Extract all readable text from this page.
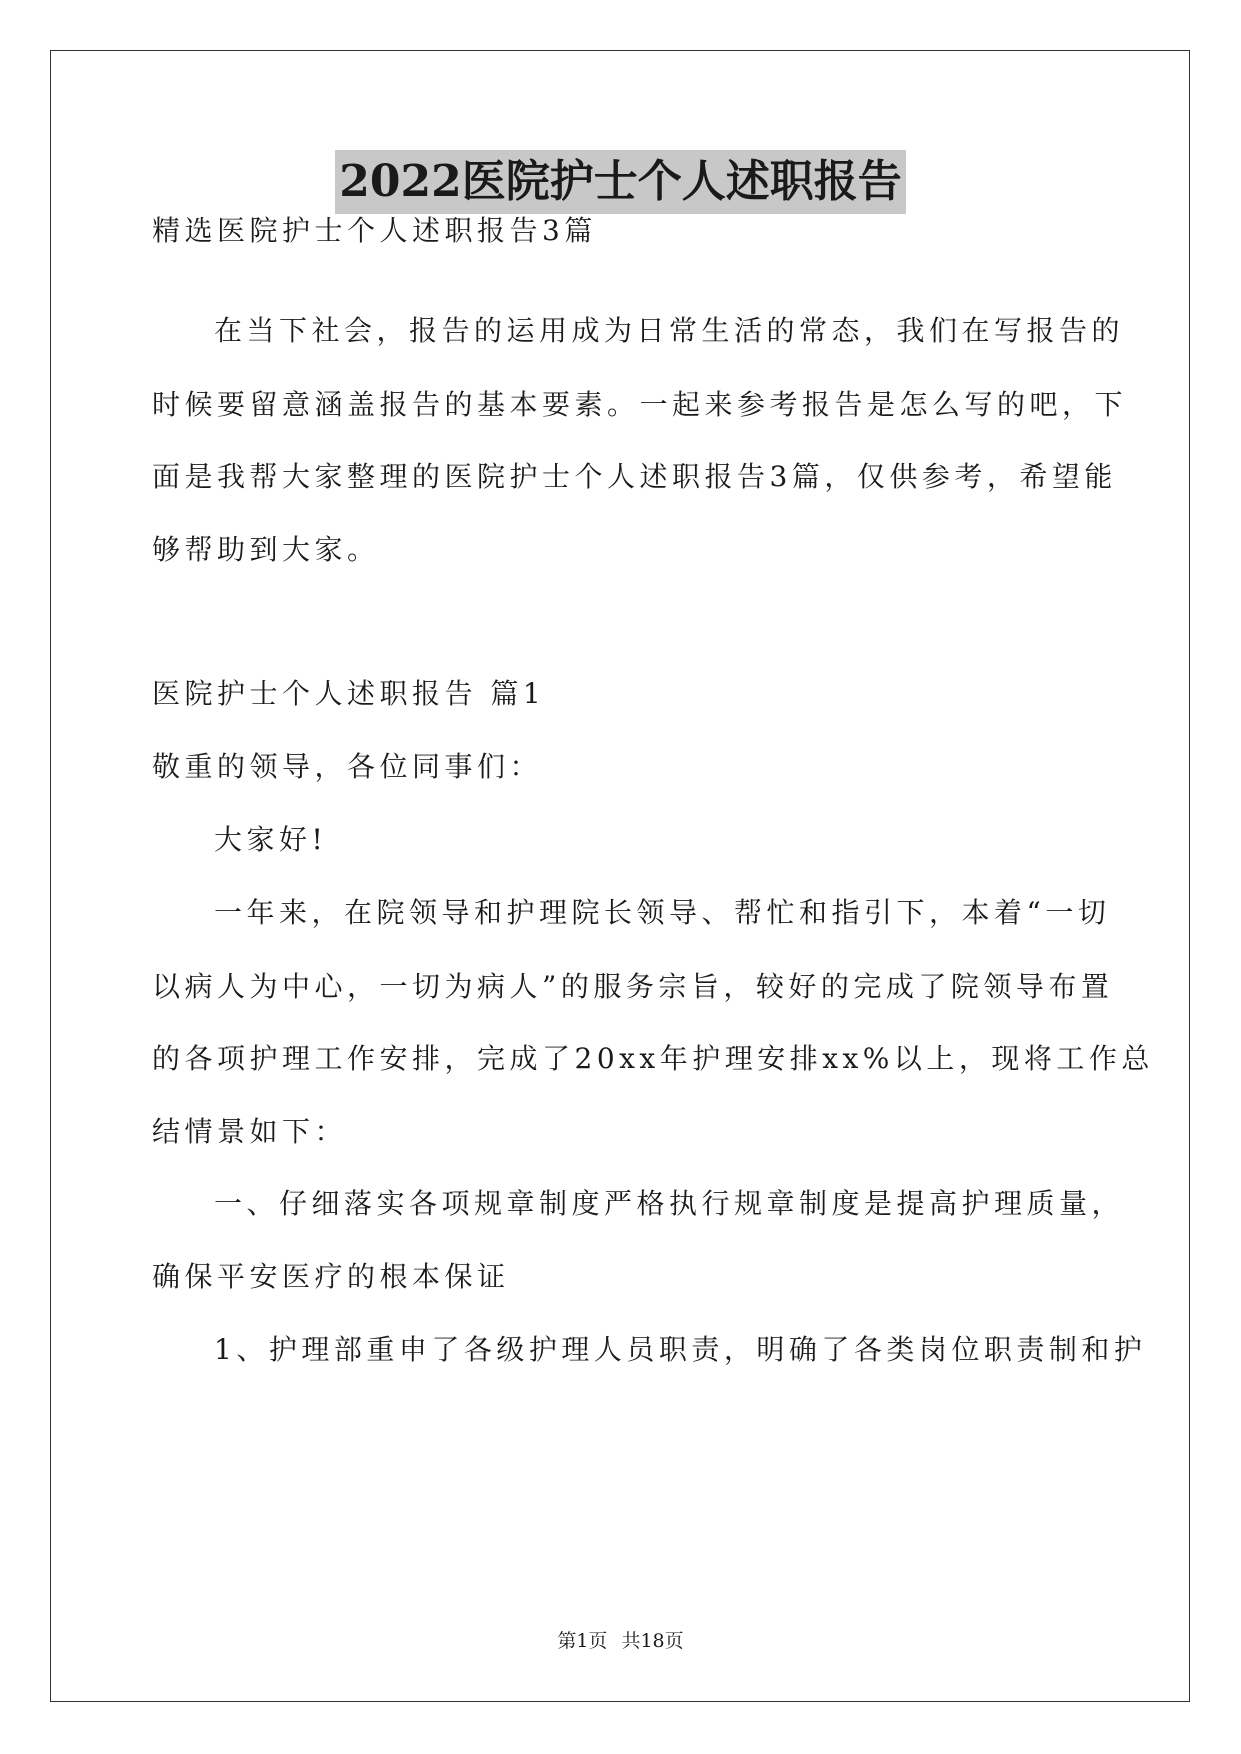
2022医院护士个人述职报告
精选医院护士个人述职报告3篇
在当下社会，报告的运用成为日常生活的常态，我们在写报告的
时候要留意涵盖报告的基本要素。一起来参考报告是怎么写的吧，下
面是我帮大家整理的医院护士个人述职报告3篇，仅供参考，希望能
够帮助到大家。
医院护士个人述职报告 篇1
敬重的领导，各位同事们：
大家好!
一年来，在院领导和护理院长领导、帮忙和指引下，本着“一切
以病人为中心，一切为病人”的服务宗旨，较好的完成了院领导布置
的各项护理工作安排，完成了20xx年护理安排xx%以上，现将工作总
结情景如下：
一、仔细落实各项规章制度严格执行规章制度是提高护理质量，
确保平安医疗的根本保证
1、护理部重申了各级护理人员职责，明确了各类岗位职责制和护
第1页 共18页
